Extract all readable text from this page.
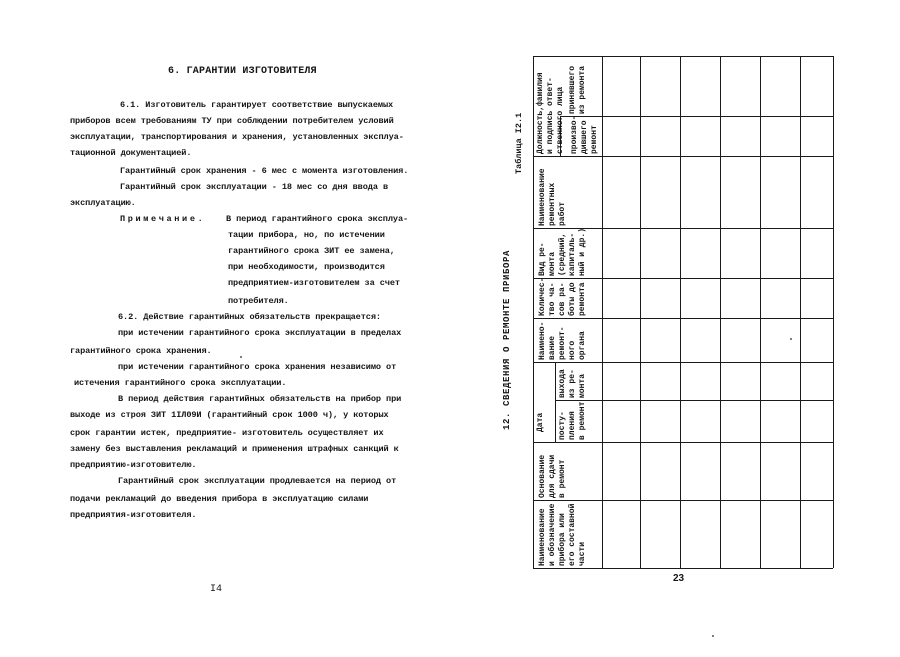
6. ГАРАНТИИ ИЗГОТОВИТЕЛЯ
6.1. Изготовитель гарантирует соответствие выпускаемых
приборов всем требованиям ТУ при соблюдении потребителем условий
эксплуатации, транспортирования и хранения, установленных эксплуа-
тационной документацией.
Гарантийный срок хранения - 6 мес с момента изготовления.
Гарантийный срок эксплуатации - 18 мес со дня ввода в
эксплуатацию.
Примечание. В период гарантийного срока эксплуа-
тации прибора, но, по истечении
гарантийного срока ЗИТ ее замена,
при необходимости, производится
предприятием-изготовителем за счет
потребителя.
6.2. Действие гарантийных обязательств прекращается:
при истечении гарантийного срока эксплуатации в пределах
гарантийного срока хранения.
при истечении гарантийного срока хранения независимо от
истечения гарантийного срока эксплуатации.
В период действия гарантийных обязательств на прибор при
выходе из строя ЗИТ 1IЛ09И (гарантийный срок 1000 ч), у которых
срок гарантии истек, предприятие- изготовитель осуществляет их
замену без выставления рекламаций и применения штрафных санкций к
предприятию-изготовителю.
Гарантийный срок эксплуатации продлевается на период от
подачи рекламаций до введения прибора в эксплуатацию силами
предприятия-изготовителя.
I4
12. СВЕДЕНИЯ О РЕМОНТЕ ПРИБОРА
Таблица I2.1
Наименование и обозначение прибора или его составной части
Основание для сдачи в ремонт
Дата посту- пления в ремонт
выхода из ре- монта
Наимено- вание ремонт- ного органа
Количес- тво ча- сов ра- боты до ремонта
Вид ре- монта (средний, капиталь- ный и др.)
Наименование ремонтных работ
Должность,фамилия и подпись ответ- ственного лица произво- дившего ремонт
принявшего из ремонта
23
